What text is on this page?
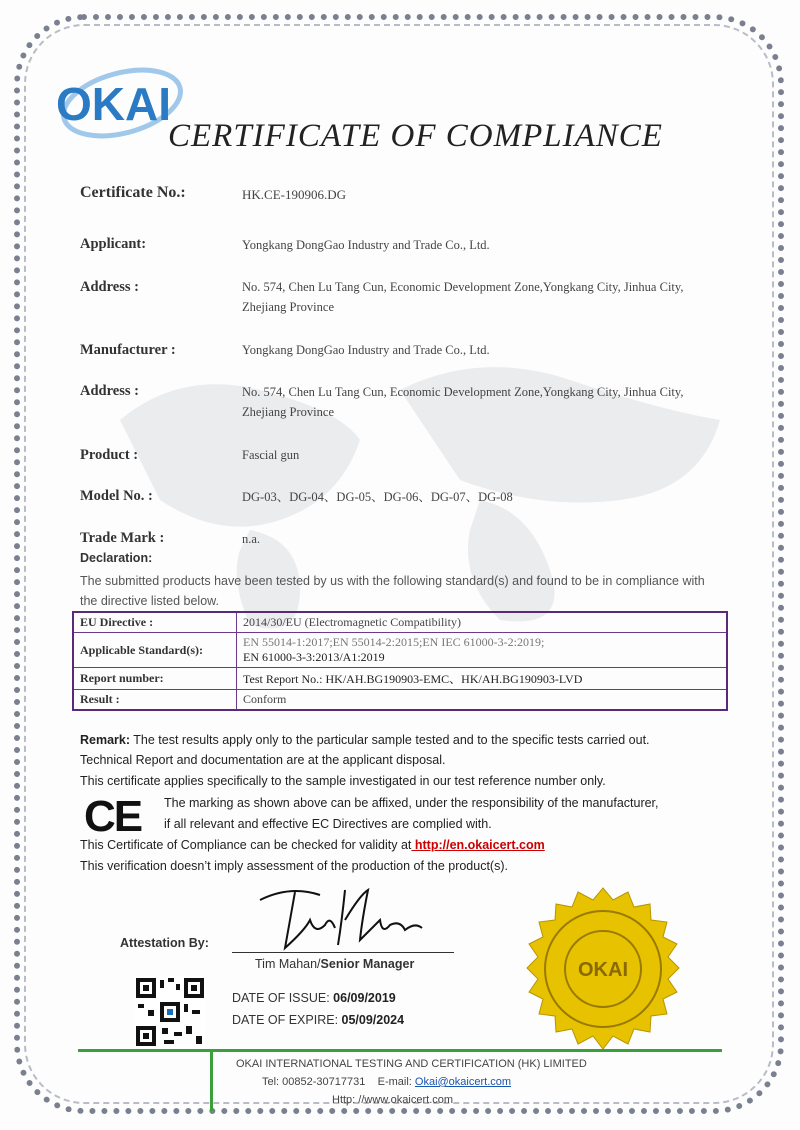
OKAI
CERTIFICATE OF COMPLIANCE
Certificate No.:	HK.CE-190906.DG
Applicant:	Yongkang DongGao Industry and Trade Co., Ltd.
Address :	No. 574, Chen Lu Tang Cun, Economic Development Zone,Yongkang City, Jinhua City, Zhejiang Province
Manufacturer :	Yongkang DongGao Industry and Trade Co., Ltd.
Address :	No. 574, Chen Lu Tang Cun, Economic Development Zone,Yongkang City, Jinhua City, Zhejiang Province
Product :	Fascial gun
Model No. :	DG-03、DG-04、DG-05、DG-06、DG-07、DG-08
Trade Mark :	n.a.
Declaration:
The submitted products have been tested by us with the following standard(s) and found to be in compliance with the directive listed below.
EU Directive :	2014/30/EU (Electromagnetic Compatibility)
Applicable Standard(s):	EN 55014-1:2017;EN 55014-2:2015;EN IEC 61000-3-2:2019;
EN 61000-3-3:2013/A1:2019

Report number:	Test Report No.: HK/AH.BG190903-EMC、HK/AH.BG190903-LVD
Result :	Conform
Remark: The test results apply only to the particular sample tested and to the specific tests carried out.
Technical Report and documentation are at the applicant disposal.
This certificate applies specifically to the sample investigated in our test reference number only.
CE The marking as shown above can be affixed, under the responsibility of the manufacturer,
if all relevant and effective EC Directives are complied with.
This Certificate of Compliance can be checked for validity at http://en.okaicert.com
This verification doesn’t imply assessment of the production of the product(s).
Attestation By:
Tim Mahan/Senior Manager
DATE OF ISSUE: 06/09/2019
DATE OF EXPIRE: 05/09/2024
OKAI
OKAI INTERNATIONAL TESTING AND CERTIFICATION (HK) LIMITED
Tel: 00852-30717731 E-mail: Okai@okaicert.com
Http: //www.okaicert.com
